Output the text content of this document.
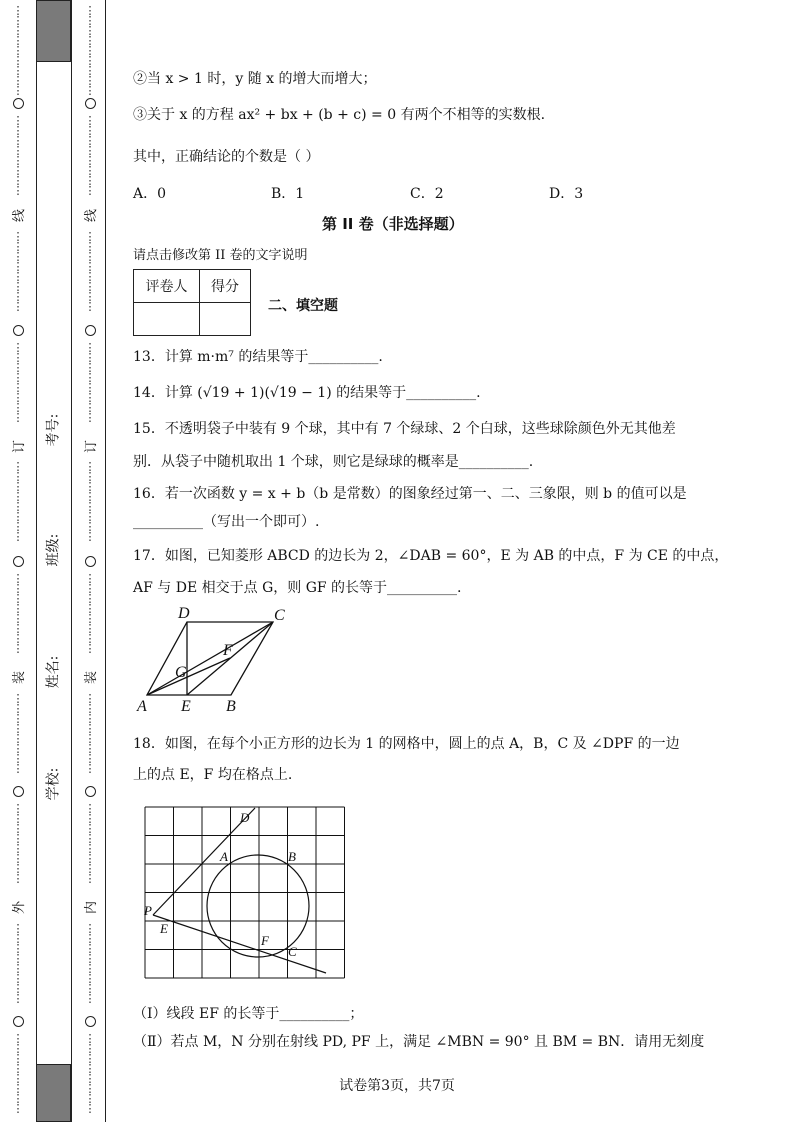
⋮
⋮
⋮
⋮
⋮
⋮
⋮
⋮
⋮
⋮
⋮
⋮
⋮
⋮
⋮
⋮
⋮
线
⋮
⋮
⋮
⋮
⋮
⋮
⋮
⋮
⋮
⋮
⋮
⋮
⋮
⋮
⋮
⋮
订
⋮
⋮
⋮
⋮
⋮
⋮
⋮
⋮
⋮
⋮
⋮
⋮
⋮
⋮
⋮
⋮
装
⋮
⋮
⋮
⋮
⋮
⋮
⋮
⋮
⋮
⋮
⋮
⋮
⋮
⋮
⋮
⋮
外
⋮
⋮
⋮
⋮
⋮
⋮
⋮
⋮
⋮
⋮
⋮
⋮
⋮
⋮
⋮
⋮
⋮
⋮
⋮
⋮
⋮
⋮
⋮
⋮
⋮
⋮
⋮
⋮
⋮
⋮
⋮
⋮
⋮
线
⋮
⋮
⋮
⋮
⋮
⋮
⋮
⋮
⋮
⋮
⋮
⋮
⋮
⋮
⋮
⋮
订
⋮
⋮
⋮
⋮
⋮
⋮
⋮
⋮
⋮
⋮
⋮
⋮
⋮
⋮
⋮
⋮
装
⋮
⋮
⋮
⋮
⋮
⋮
⋮
⋮
⋮
⋮
⋮
⋮
⋮
⋮
⋮
⋮
内
⋮
⋮
⋮
⋮
⋮
⋮
⋮
⋮
⋮
⋮
⋮
⋮
⋮
⋮
⋮
⋮
考号:
班级:
姓名:
学校:
②当 x > 1 时，y 随 x 的增大而增大；
③关于 x 的方程 ax² + bx + (b + c) = 0 有两个不相等的实数根.
其中，正确结论的个数是（ ）
A．0	B．1	C．2	D．3
第 II 卷（非选择题）
请点击修改第 II 卷的文字说明
评卷人	得分

二、填空题
13．计算 m·m⁷ 的结果等于__________.
14．计算 (√19 + 1)(√19 − 1) 的结果等于__________.
15．不透明袋子中装有 9 个球，其中有 7 个绿球、2 个白球，这些球除颜色外无其他差
别．从袋子中随机取出 1 个球，则它是绿球的概率是__________.
16．若一次函数 y = x + b（b 是常数）的图象经过第一、二、三象限，则 b 的值可以是
__________（写出一个即可）.
17．如图，已知菱形 ABCD 的边长为 2，∠DAB = 60°，E 为 AB 的中点，F 为 CE 的中点，
AF 与 DE 相交于点 G，则 GF 的长等于__________.
D	C
F
G
A E B
18．如图，在每个小正方形的边长为 1 的网格中，圆上的点 A，B，C 及 ∠DPF 的一边
上的点 E，F 均在格点上.
D
A	B
P
E
F
C
（Ⅰ）线段 EF 的长等于__________；
（Ⅱ）若点 M，N 分别在射线 PD, PF 上，满足 ∠MBN = 90° 且 BM = BN．请用无刻度
试卷第3页，共7页
